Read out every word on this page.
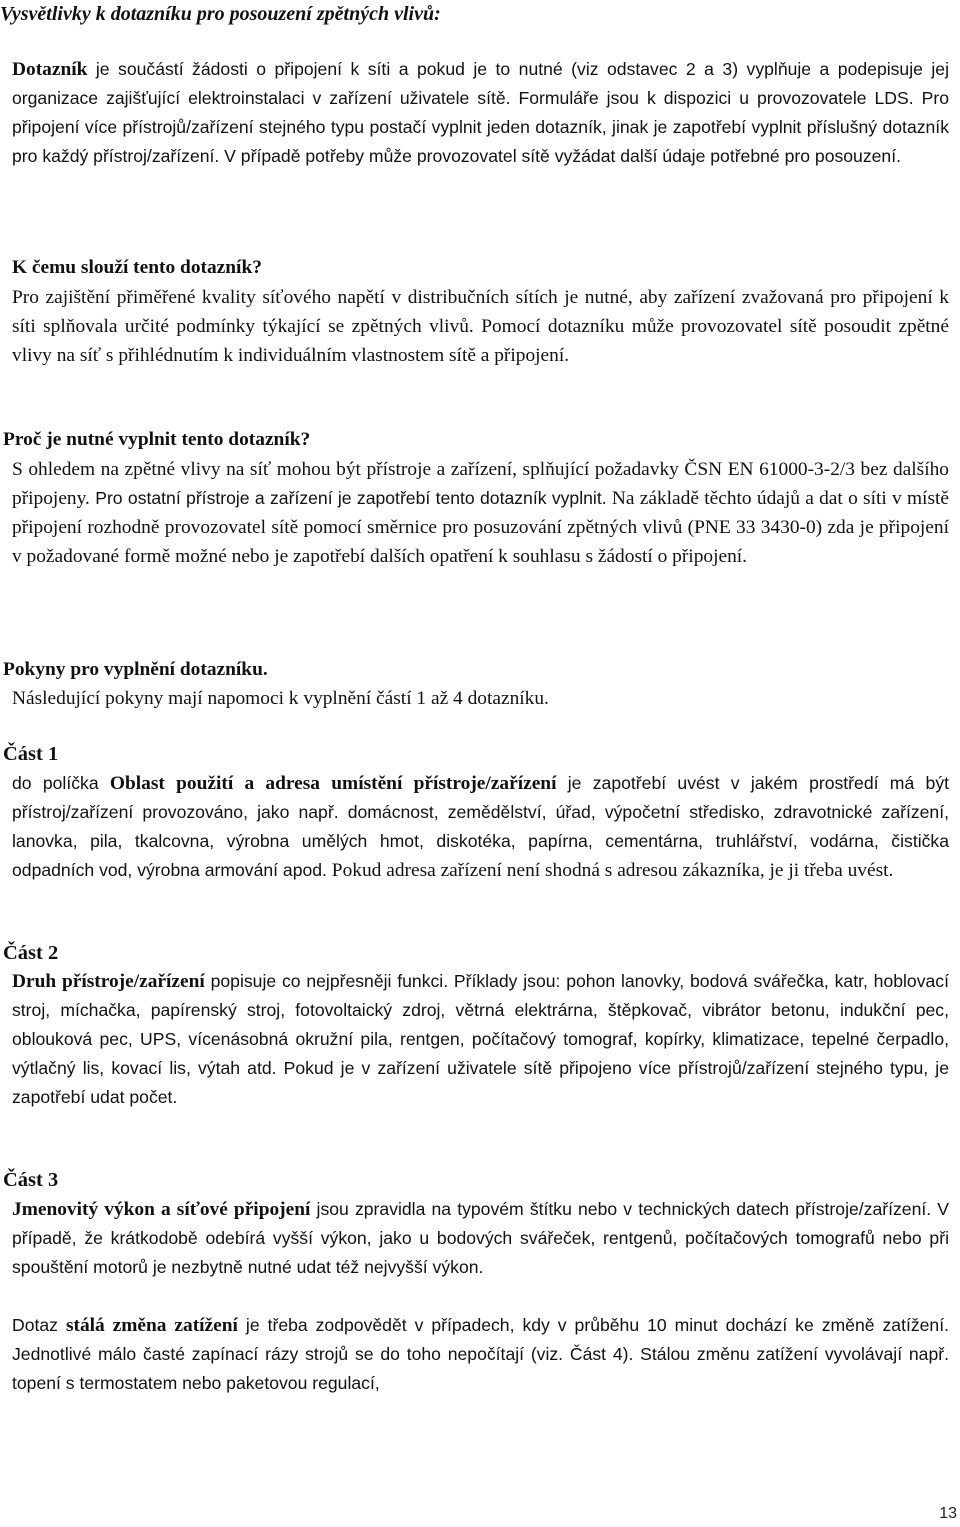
Vysvětlivky k dotazníku pro posouzení zpětných vlivů:

Dotazník je součástí žádosti o připojení k síti a pokud je to nutné (viz odstavec 2 a 3) vyplňuje a podepisuje jej organizace zajišťující elektroinstalaci v zařízení uživatele sítě. Formuláře jsou k dispozici u provozovatele LDS. Pro připojení více přístrojů/zařízení stejného typu postačí vyplnit jeden dotazník, jinak je zapotřebí vyplnit příslušný dotazník pro každý přístroj/zařízení. V případě potřeby může provozovatel sítě vyžádat další údaje potřebné pro posouzení.

K čemu slouží tento dotazník?

Pro zajištění přiměřené kvality síťového napětí v distribučních sítích je nutné, aby zařízení zvažovaná pro připojení k síti splňovala určité podmínky týkající se zpětných vlivů. Pomocí dotazníku může provozovatel sítě posoudit zpětné vlivy na síť s přihlédnutím k individuálním vlastnostem sítě a připojení.

Proč je nutné vyplnit tento dotazník?

S ohledem na zpětné vlivy na síť mohou být přístroje a zařízení, splňující požadavky ČSN EN 61000-3-2/3 bez dalšího připojeny. Pro ostatní přístroje a zařízení je zapotřebí tento dotazník vyplnit. Na základě těchto údajů a dat o síti v místě připojení rozhodně provozovatel sítě pomocí směrnice pro posuzování zpětných vlivů (PNE 33 3430-0) zda je připojení v požadované formě možné nebo je zapotřebí dalších opatření k souhlasu s žádostí o připojení.

Pokyny pro vyplnění dotazníku.

Následující pokyny mají napomoci k vyplnění částí 1 až 4 dotazníku.

Část 1

do políčka Oblast použití a adresa umístění přístroje/zařízení je zapotřebí uvést v jakém prostředí má být přístroj/zařízení provozováno, jako např. domácnost, zemědělství, úřad, výpočetní středisko, zdravotnické zařízení, lanovka, pila, tkalcovna, výrobna umělých hmot, diskotéka, papírna, cementárna, truhlářství, vodárna, čistička odpadních vod, výrobna armování apod. Pokud adresa zařízení není shodná s adresou zákazníka, je ji třeba uvést.

Část 2

Druh přístroje/zařízení popisuje co nejpřesněji funkci. Příklady jsou: pohon lanovky, bodová svářečka, katr, hoblovací stroj, míchačka, papírenský stroj, fotovoltaický zdroj, větrná elektrárna, štěpkovač, vibrátor betonu, indukční pec, oblouková pec, UPS, vícenásobná okružní pila, rentgen, počítačový tomograf, kopírky, klimatizace, tepelné čerpadlo, výtlačný lis, kovací lis, výtah atd. Pokud je v zařízení uživatele sítě připojeno více přístrojů/zařízení stejného typu, je zapotřebí udat počet.

Část 3

Jmenovitý výkon a síťové připojení jsou zpravidla na typovém štítku nebo v technických datech přístroje/zařízení. V případě, že krátkodobě odebírá vyšší výkon, jako u bodových svářeček, rentgenů, počítačových tomografů nebo při spouštění motorů je nezbytně nutné udat též nejvyšší výkon.

Dotaz stálá změna zatížení je třeba zodpovědět v případech, kdy v průběhu 10 minut dochází ke změně zatížení. Jednotlivé málo časté zapínací rázy strojů se do toho nepočítají (viz. Část 4). Stálou změnu zatížení vyvolávají např. topení s termostatem nebo paketovou regulací,

13
